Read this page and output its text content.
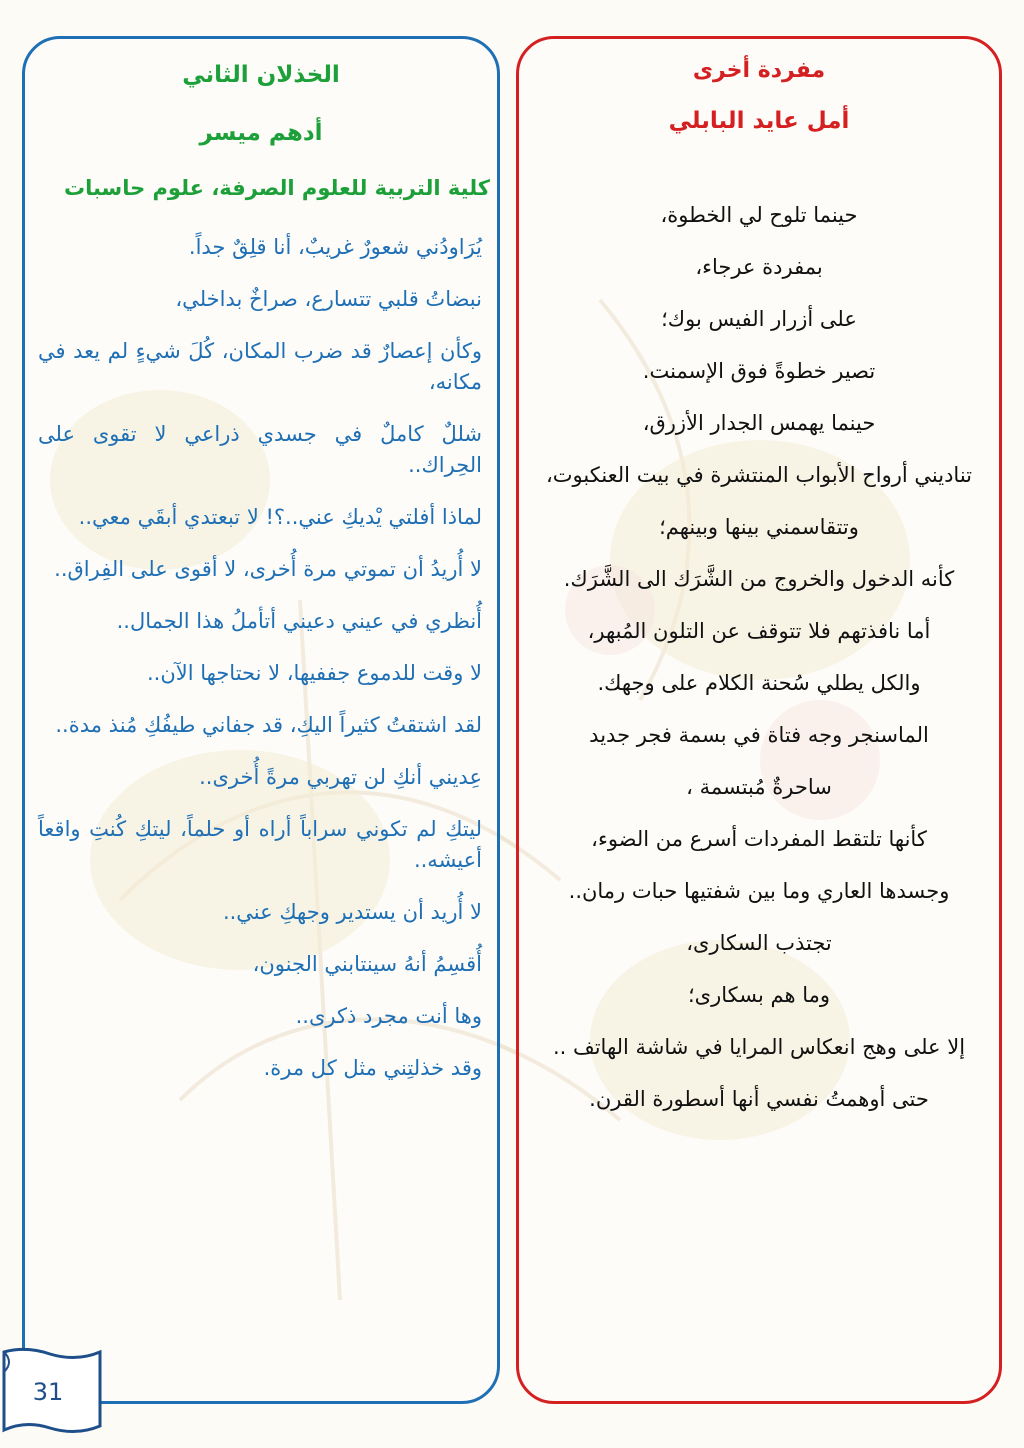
الخذلان الثاني
أدهم ميسر
كلية التربية للعلوم الصرفة، علوم حاسبات

يُرَاودُني شعورٌ غريبٌ، أنا قلِقٌ جداً.

نبضاتُ قلبي تتسارع، صراخٌ بداخلي،

وكأن إعصارٌ قد ضرب المكان، كُلَ شيءٍ لم يعد في مكانه،

شللٌ كاملٌ في جسدي ذراعي لا تقوى على الحِراك..

لماذا أفلتي يْديكِ عني..؟! لا تبعتدي أبقَي معي..

لا أُريدُ أن تموتي مرة أُخرى، لا أقوى على الفِراق..

أُنظري في عيني دعيني أتأملُ هذا الجمال..

لا وقت للدموع جففيها، لا نحتاجها الآن..

لقد اشتقتُ كثيراً اليكِ، قد جفاني طيفُكِ مُنذ مدة..

عِديني أنكِ لن تهربي مرةً أُخرى..

ليتكِ لم تكوني سراباً أراه أو حلماً، ليتكِ كُنتِ واقعاً أعيشه..

لا أُريد أن يستدير وجهكِ عني..

أُقسِمُ أنهُ سينتابني الجنون،

وها أنت مجرد ذكرى..

وقد خذلتِني مثل كل مرة.

مفردة أخرى
أمل عايد البابلي

حينما تلوح لي الخطوة،

بمفردة عرجاء،

على أزرار الفيس بوك؛

تصير خطوةً فوق الإسمنت.

حينما يهمس الجدار الأزرق،

تناديني أرواح الأبواب المنتشرة في بيت العنكبوت،

وتتقاسمني بينها وبينهم؛

كأنه الدخول والخروج من الشَّرَك الى الشَّرَك.

أما نافذتهم فلا تتوقف عن التلون المُبهر،

والكل يطلي سُحنة الكلام على وجهك.

الماسنجر وجه فتاة في بسمة فجر جديد

ساحرةٌ مُبتسمة ،

كأنها تلتقط المفردات أسرع من الضوء،

وجسدها العاري وما بين شفتيها حبات رمان..

تجتذب السكارى،

وما هم بسكارى؛

إلا على وهج انعكاس المرايا في شاشة الهاتف ..

حتى أوهمتُ نفسي أنها أسطورة القرن.

31
